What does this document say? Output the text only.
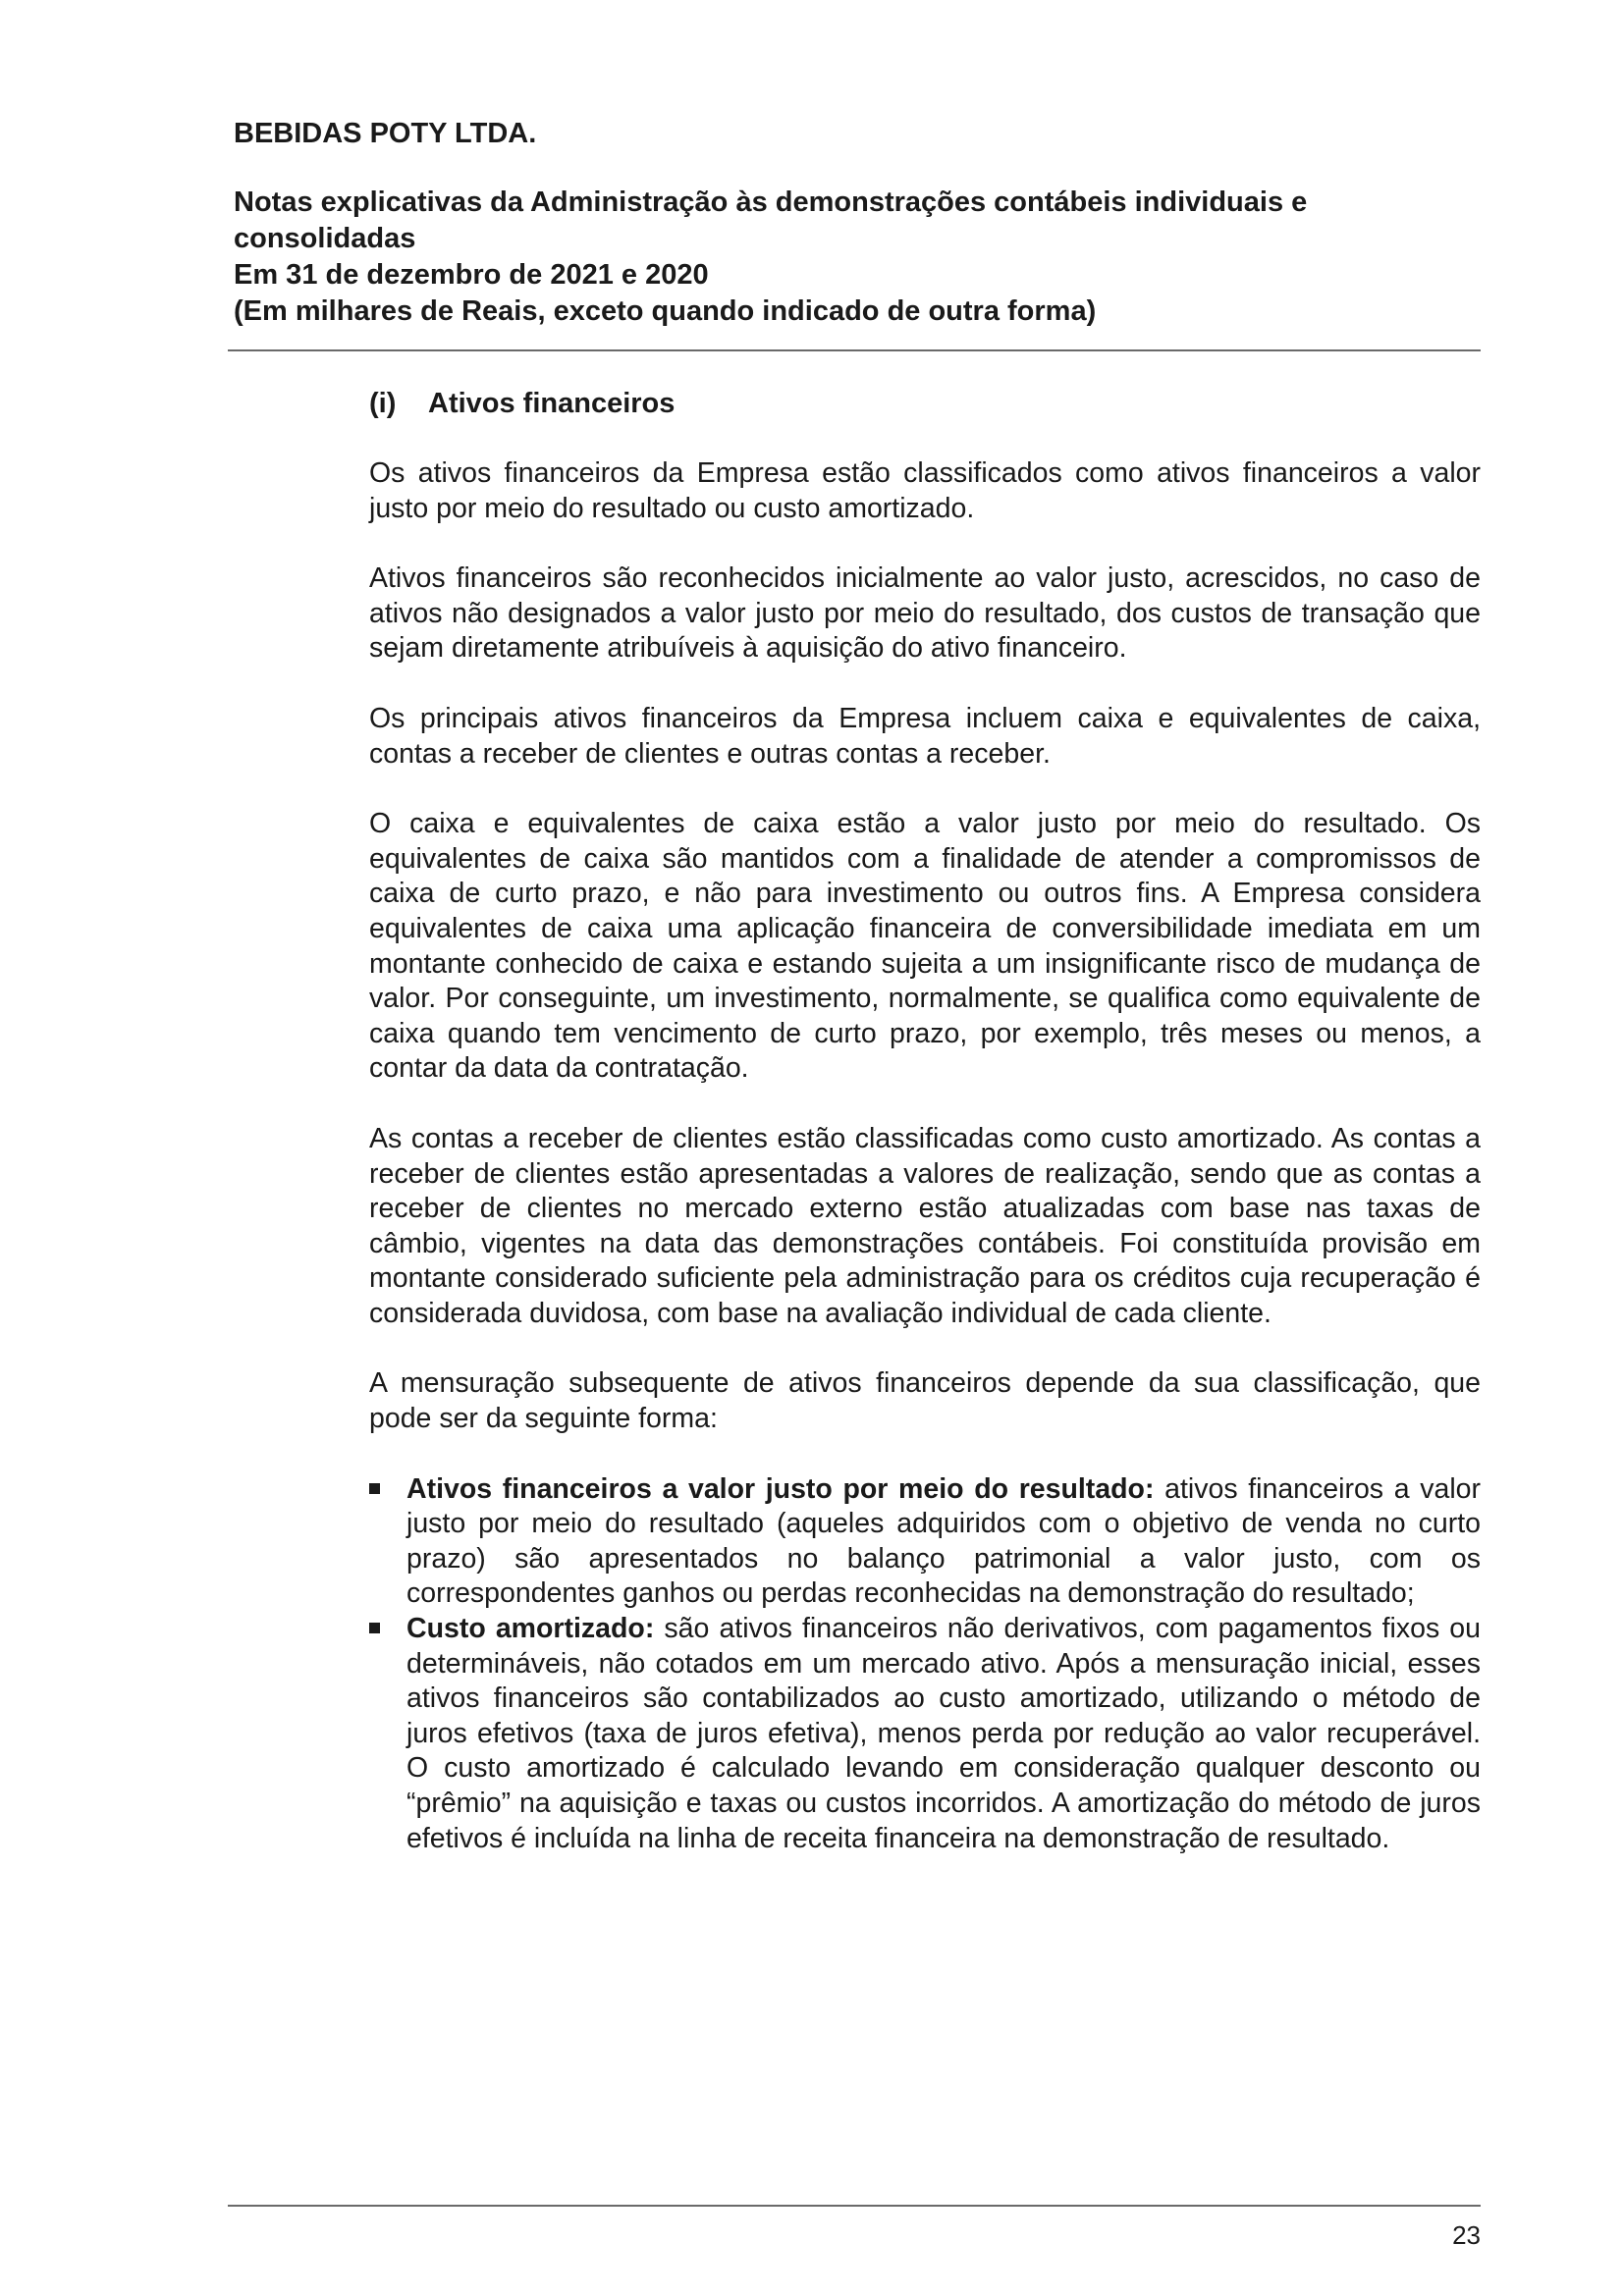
BEBIDAS POTY LTDA.

Notas explicativas da Administração às demonstrações contábeis individuais e

consolidadas

Em 31 de dezembro de 2021 e 2020

(Em milhares de Reais, exceto quando indicado de outra forma)

(i) Ativos financeiros

Os ativos financeiros da Empresa estão classificados como ativos financeiros a valor justo por meio do resultado ou custo amortizado.

Ativos financeiros são reconhecidos inicialmente ao valor justo, acrescidos, no caso de ativos não designados a valor justo por meio do resultado, dos custos de transação que sejam diretamente atribuíveis à aquisição do ativo financeiro.

Os principais ativos financeiros da Empresa incluem caixa e equivalentes de caixa, contas a receber de clientes e outras contas a receber.

O caixa e equivalentes de caixa estão a valor justo por meio do resultado. Os equivalentes de caixa são mantidos com a finalidade de atender a compromissos de caixa de curto prazo, e não para investimento ou outros fins. A Empresa considera equivalentes de caixa uma aplicação financeira de conversibilidade imediata em um montante conhecido de caixa e estando sujeita a um insignificante risco de mudança de valor. Por conseguinte, um investimento, normalmente, se qualifica como equivalente de caixa quando tem vencimento de curto prazo, por exemplo, três meses ou menos, a contar da data da contratação.

As contas a receber de clientes estão classificadas como custo amortizado. As contas a receber de clientes estão apresentadas a valores de realização, sendo que as contas a receber de clientes no mercado externo estão atualizadas com base nas taxas de câmbio, vigentes na data das demonstrações contábeis. Foi constituída provisão em montante considerado suficiente pela administração para os créditos cuja recuperação é considerada duvidosa, com base na avaliação individual de cada cliente.

A mensuração subsequente de ativos financeiros depende da sua classificação, que pode ser da seguinte forma:

Ativos financeiros a valor justo por meio do resultado: ativos financeiros a valor justo por meio do resultado (aqueles adquiridos com o objetivo de venda no curto prazo) são apresentados no balanço patrimonial a valor justo, com os correspondentes ganhos ou perdas reconhecidas na demonstração do resultado;
Custo amortizado: são ativos financeiros não derivativos, com pagamentos fixos ou determináveis, não cotados em um mercado ativo. Após a mensuração inicial, esses ativos financeiros são contabilizados ao custo amortizado, utilizando o método de juros efetivos (taxa de juros efetiva), menos perda por redução ao valor recuperável. O custo amortizado é calculado levando em consideração qualquer desconto ou “prêmio” na aquisição e taxas ou custos incorridos. A amortização do método de juros efetivos é incluída na linha de receita financeira na demonstração de resultado.
23
